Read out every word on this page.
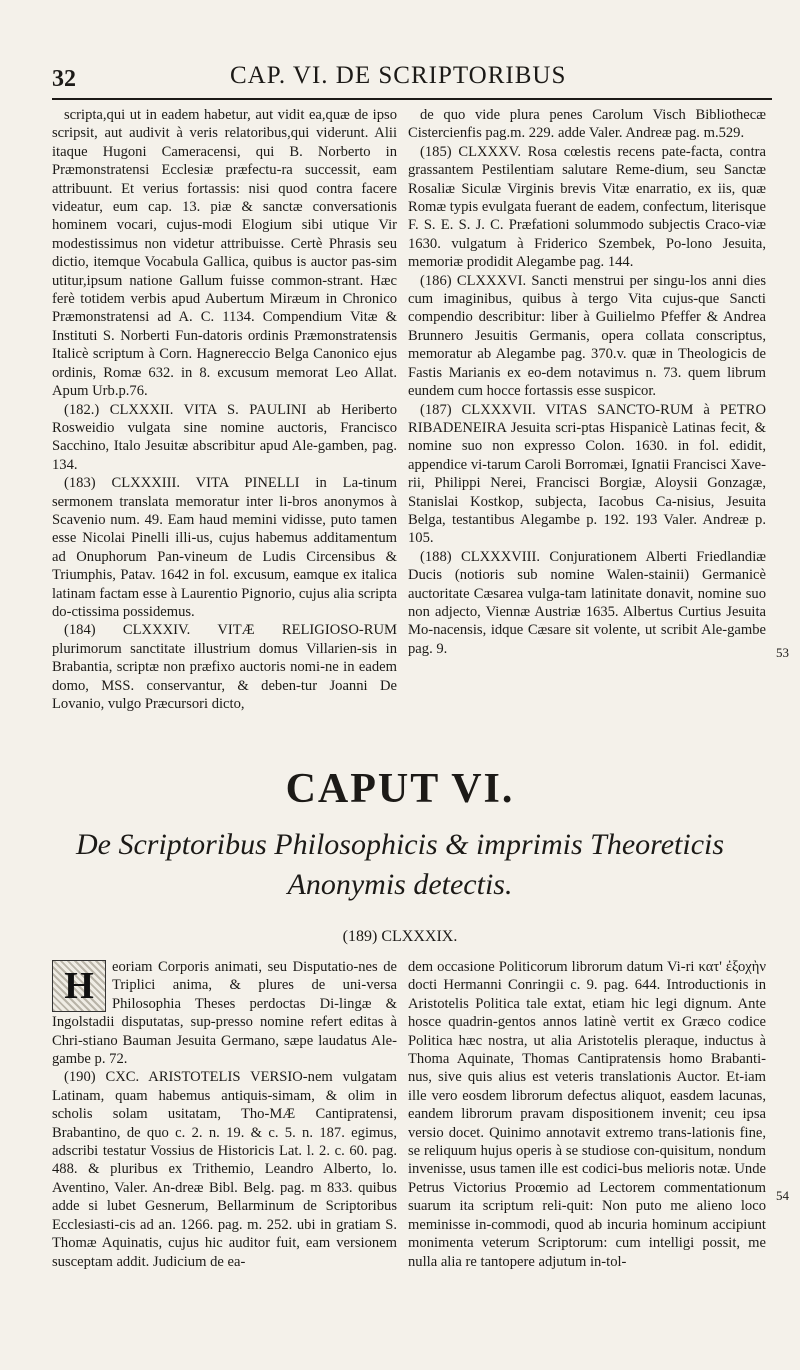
32	CAP. VI. DE SCRIPTORIBUS

scripta,qui ut in eadem habetur, aut vidit ea,quæ de ipso scripsit, aut audivit à veris relatoribus,qui viderunt. Alii itaque Hugoni Cameracensi, qui B. Norberto in Præmonstratensi Ecclesiæ præfectu-ra successit, eam attribuunt. Et verius fortassis: nisi quod contra facere videatur, eum cap. 13. piæ & sanctæ conversationis hominem vocari, cujus-modi Elogium sibi utique Vir modestissimus non videtur attribuisse. Certè Phrasis seu dictio, itemque Vocabula Gallica, quibus is auctor pas-sim utitur,ipsum natione Gallum fuisse common-strant. Hæc ferè totidem verbis apud Aubertum Miræum in Chronico Præmonstratensi ad A. C. 1134. Compendium Vitæ & Instituti S. Norberti Fun-datoris ordinis Præmonstratensis Italicè scriptum à Corn. Hagnereccio Belga Canonico ejus ordinis, Romæ 632. in 8. excusum memorat Leo Allat. Apum Urb.p.76.

(182.) CLXXXII. VITA S. PAULINI ab Heriberto Rosweidio vulgata sine nomine auctoris, Francisco Sacchino, Italo Jesuitæ abscribitur apud Ale-gamben, pag. 134.

(183) CLXXXIII. VITA PINELLI in La-tinum sermonem translata memoratur inter li-bros anonymos à Scavenio num. 49. Eam haud memini vidisse, puto tamen esse Nicolai Pinelli illi-us, cujus habemus additamentum ad Onuphorum Pan-vineum de Ludis Circensibus & Triumphis, Patav. 1642 in fol. excusum, eamque ex italica latinam factam esse à Laurentio Pignorio, cujus alia scripta do-ctissima possidemus.

(184) CLXXXIV. VITÆ RELIGIOSO-RUM plurimorum sanctitate illustrium domus Villarien-sis in Brabantia, scriptæ non præfixo auctoris nomi-ne in eadem domo, MSS. conservantur, & deben-tur Joanni De Lovanio, vulgo Præcursori dicto,

de quo vide plura penes Carolum Visch Bibliothecæ Cistercienfis pag.m. 229. adde Valer. Andreæ pag. m.529.

(185) CLXXXV. Rosa cœlestis recens pate-facta, contra grassantem Pestilentiam salutare Reme-dium, seu Sanctæ Rosaliæ Siculæ Virginis brevis Vitæ enarratio, ex iis, quæ Romæ typis evulgata fuerant de eadem, confectum, literisque F. S. E. S. J. C. Præfationi solummodo subjectis Craco-viæ 1630. vulgatum à Friderico Szembek, Po-lono Jesuita, memoriæ prodidit Alegambe pag. 144.

(186) CLXXXVI. Sancti menstrui per singu-los anni dies cum imaginibus, quibus à tergo Vita cujus-que Sancti compendio describitur: liber à Guilielmo Pfeffer & Andrea Brunnero Jesuitis Germanis, opera collata conscriptus, memoratur ab Alegambe pag. 370.v. quæ in Theologicis de Fastis Marianis ex eo-dem notavimus n. 73. quem librum eundem cum hocce fortassis esse suspicor.

(187) CLXXXVII. VITAS SANCTO-RUM à PETRO RIBADENEIRA Jesuita scri-ptas Hispanicè Latinas fecit, & nomine suo non expresso Colon. 1630. in fol. edidit, appendice vi-tarum Caroli Borromæi, Ignatii Francisci Xave-rii, Philippi Nerei, Francisci Borgiæ, Aloysii Gonzagæ, Stanislai Kostkop, subjecta, Iacobus Ca-nisius, Jesuita Belga, testantibus Alegambe p. 192. 193 Valer. Andreæ p. 105.

(188) CLXXXVIII. Conjurationem Alberti Friedlandiæ Ducis (notioris sub nomine Walen-stainii) Germanicè auctoritate Cæsarea vulga-tam latinitate donavit, nomine suo non adjecto, Viennæ Austriæ 1635. Albertus Curtius Jesuita Mo-nacensis, idque Cæsare sit volente, ut scribit Ale-gambe pag. 9.	53
54
CAPUT VI.
De Scriptoribus Philosophicis & imprimis Theoreticis
Anonymis detectis.
(189) CLXXXIX.

H	eoriam Corporis animati, seu Disputatio-nes de Triplici anima, & plures de uni-versa Philosophia Theses perdoctas Di-lingæ & Ingolstadii disputatas, sup-presso nomine refert editas à Chri-stiano Bauman Jesuita Germano, sæpe laudatus Ale-gambe p. 72.

(190) CXC. ARISTOTELIS VERSIO-nem vulgatam Latinam, quam habemus antiquis-simam, & olim in scholis solam usitatam, Tho-MÆ Cantipratensi, Brabantino, de quo c. 2. n. 19. & c. 5. n. 187. egimus, adscribi testatur Vossius de Historicis Lat. l. 2. c. 60. pag. 488. & pluribus ex Trithemio, Leandro Alberto, lo. Aventino, Valer. An-dreæ Bibl. Belg. pag. m 833. quibus adde si lubet Gesnerum, Bellarminum de Scriptoribus Ecclesiasti-cis ad an. 1266. pag. m. 252. ubi in gratiam S. Thomæ Aquinatis, cujus hic auditor fuit, eam versionem susceptam addit. Judicium de ea-

dem occasione Politicorum librorum datum Vi-ri κατ' ἐξοχὴν docti Hermanni Conringii c. 9. pag. 644. Introductionis in Aristotelis Politica tale extat, etiam hic legi dignum. Ante hosce quadrin-gentos annos latinè vertit ex Græco codice Politica hæc nostra, ut alia Aristotelis pleraque, inductus à Thoma Aquinate, Thomas Cantipratensis homo Brabanti-nus, sive quis alius est veteris translationis Auctor. Et-iam ille vero eosdem librorum defectus aliquot, easdem lacunas, eandem librorum pravam dispositionem invenit; ceu ipsa versio docet. Quinimo annotavit extremo trans-lationis fine, se reliquum hujus operis à se studiose con-quisitum, nondum invenisse, usus tamen ille est codici-bus melioris notæ. Unde Petrus Victorius Proœmio ad Lectorem commentationum suarum ita scriptum reli-quit: Non puto me alieno loco meminisse in-commodi, quod ab incuria hominum accipiunt monimenta veterum Scriptorum: cum intelligi possit, me nulla alia re tantopere adjutum in-tol-
